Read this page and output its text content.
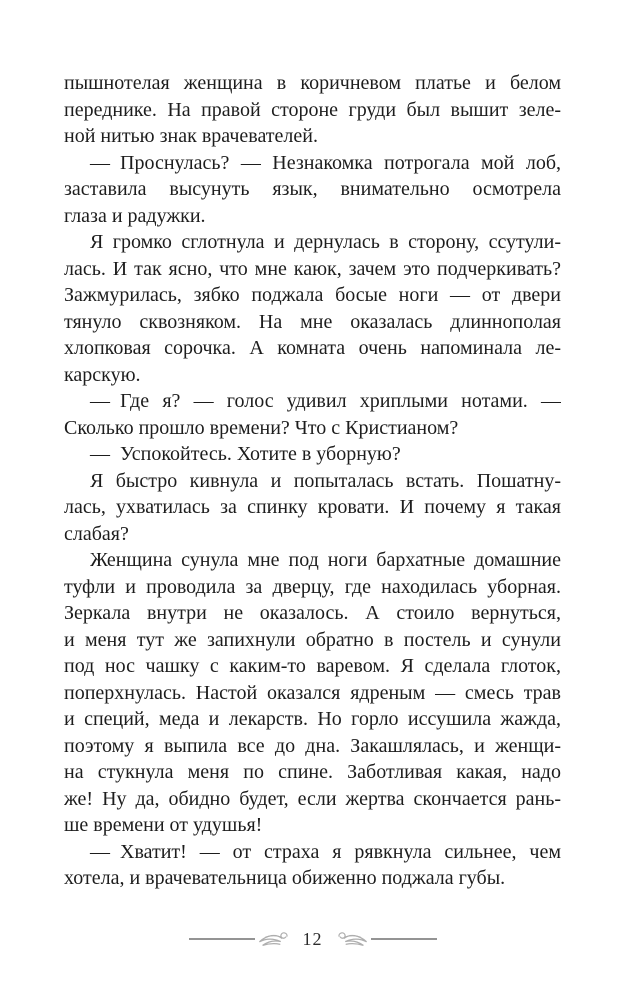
пышнотелая женщина в коричневом платье и белом
переднике. На правой стороне груди был вышит зеле-
ной нитью знак врачевателей.
— Проснулась? — Незнакомка потрогала мой лоб,
заставила высунуть язык, внимательно осмотрела
глаза и радужки.
Я громко сглотнула и дернулась в сторону, ссутули-
лась. И так ясно, что мне каюк, зачем это подчеркивать?
Зажмурилась, зябко поджала босые ноги — от двери
тянуло сквозняком. На мне оказалась длиннополая
хлопковая сорочка. А комната очень напоминала ле-
карскую.
— Где я? — голос удивил хриплыми нотами. —
Сколько прошло времени? Что с Кристианом?
— Успокойтесь. Хотите в уборную?
Я быстро кивнула и попыталась встать. Пошатну-
лась, ухватилась за спинку кровати. И почему я такая
слабая?
Женщина сунула мне под ноги бархатные домашние
туфли и проводила за дверцу, где находилась уборная.
Зеркала внутри не оказалось. А стоило вернуться,
и меня тут же запихнули обратно в постель и сунули
под нос чашку с каким-то варевом. Я сделала глоток,
поперхнулась. Настой оказался ядреным — смесь трав
и специй, меда и лекарств. Но горло иссушила жажда,
поэтому я выпила все до дна. Закашлялась, и женщи-
на стукнула меня по спине. Заботливая какая, надо
же! Ну да, обидно будет, если жертва скончается рань-
ше времени от удушья!
— Хватит! — от страха я рявкнула сильнее, чем
хотела, и врачевательница обиженно поджала губы.
12
